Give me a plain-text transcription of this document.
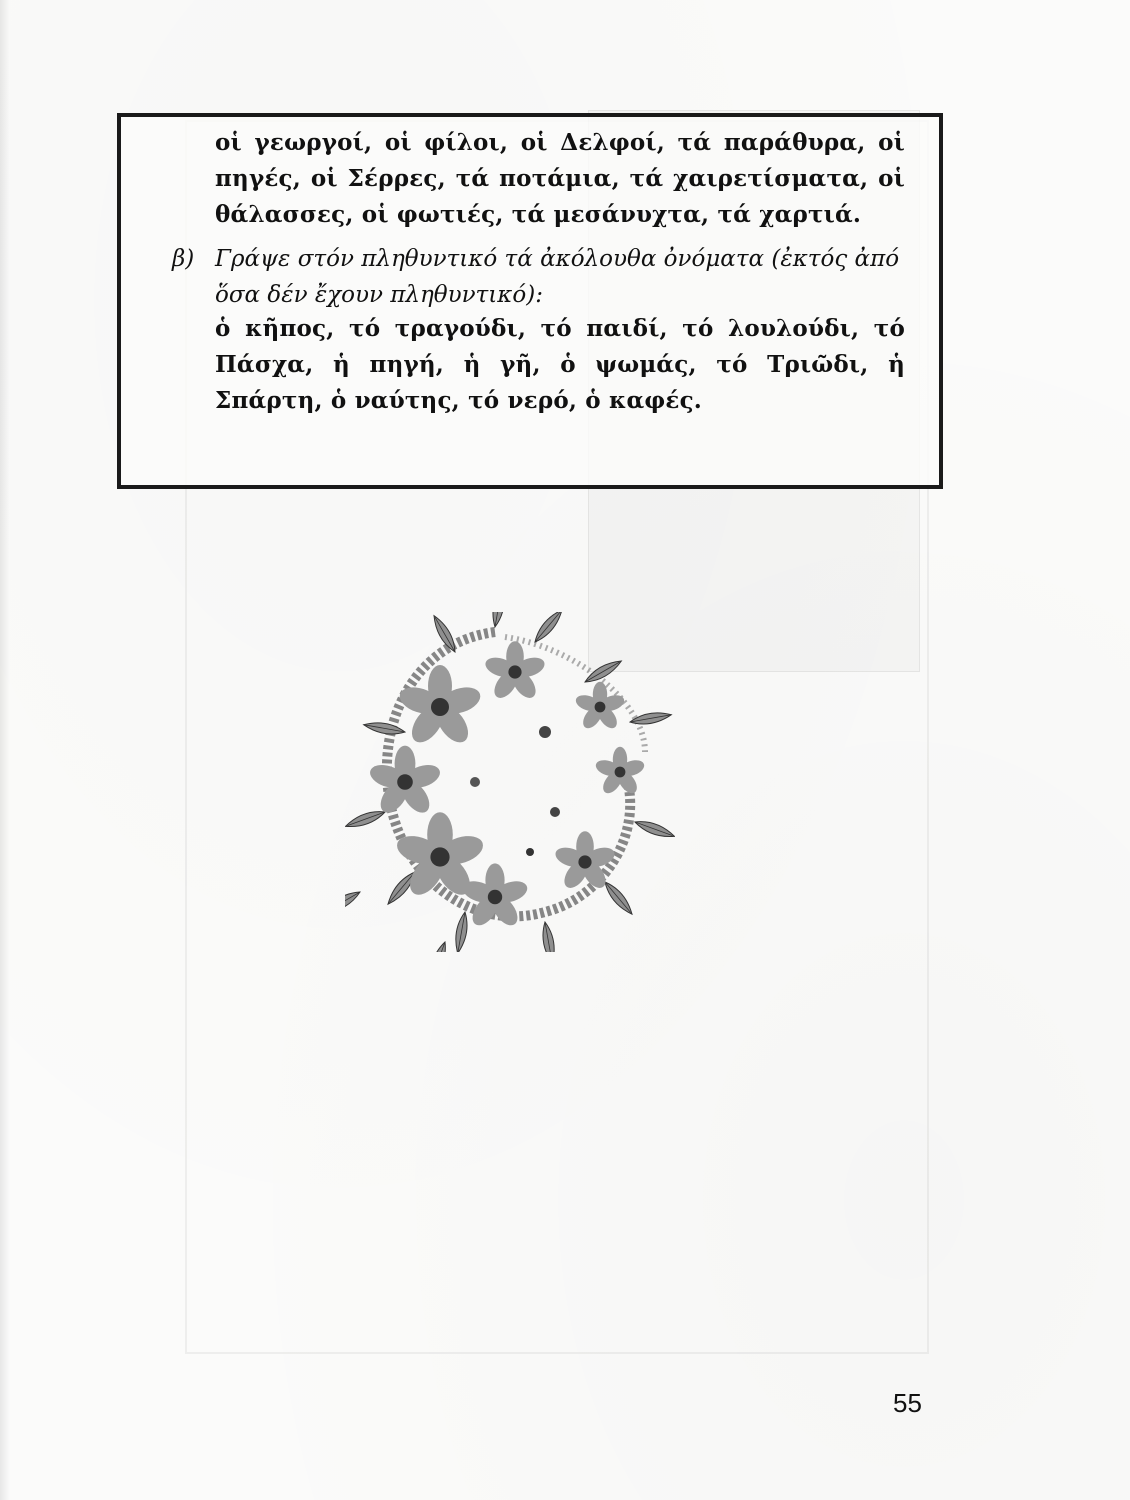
οἱ γεωργοί, οἱ φίλοι, οἱ Δελφοί, τά παράθυρα, οἱ πηγές, οἱ Σέρρες, τά ποτάμια, τά χαιρετίσματα, οἱ θάλασσες, οἱ φωτιές, τά μεσάνυχτα, τά χαρτιά.
β) Γράψε στόν πληθυντικό τά ἀκόλουθα ὀνόματα (ἐκτός ἀπό ὅσα δέν ἔχουν πληθυντικό):
ὁ κῆπος, τό τραγούδι, τό παιδί, τό λουλούδι, τό Πάσχα, ἡ πηγή, ἡ γῆ, ὁ ψωμάς, τό Τριῶδι, ἡ Σπάρτη, ὁ ναύτης, τό νερό, ὁ καφές.
55
